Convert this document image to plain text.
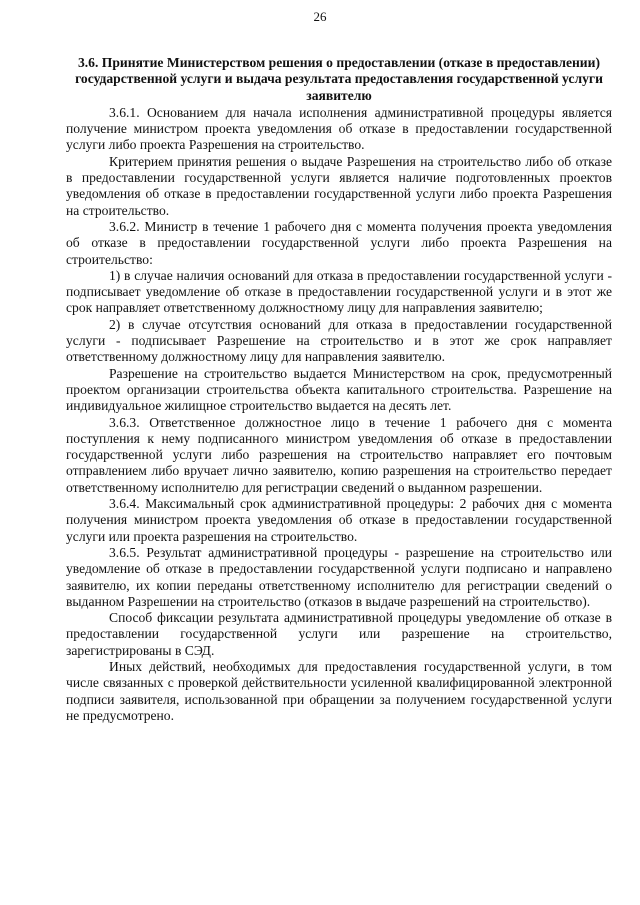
26
3.6. Принятие Министерством решения о предоставлении (отказе в предоставлении) государственной услуги и выдача результата предоставления государственной услуги заявителю

3.6.1. Основанием для начала исполнения административной процедуры является получение министром проекта уведомления об отказе в предоставлении государственной услуги либо проекта Разрешения на строительство.

Критерием принятия решения о выдаче Разрешения на строительство либо об отказе в предоставлении государственной услуги является наличие подготовленных проектов уведомления об отказе в предоставлении государственной услуги либо проекта Разрешения на строительство.

3.6.2. Министр в течение 1 рабочего дня с момента получения проекта уведомления об отказе в предоставлении государственной услуги либо проекта Разрешения на строительство:

1) в случае наличия оснований для отказа в предоставлении государственной услуги - подписывает уведомление об отказе в предоставлении государственной услуги и в этот же срок направляет ответственному должностному лицу для направления заявителю;

2) в случае отсутствия оснований для отказа в предоставлении государственной услуги - подписывает Разрешение на строительство и в этот же срок направляет ответственному должностному лицу для направления заявителю.

Разрешение на строительство выдается Министерством на срок, предусмотренный проектом организации строительства объекта капитального строительства. Разрешение на индивидуальное жилищное строительство выдается на десять лет.

3.6.3. Ответственное должностное лицо в течение 1 рабочего дня с момента поступления к нему подписанного министром уведомления об отказе в предоставлении государственной услуги либо разрешения на строительство направляет его почтовым отправлением либо вручает лично заявителю, копию разрешения на строительство передает ответственному исполнителю для регистрации сведений о выданном разрешении.

3.6.4. Максимальный срок административной процедуры: 2 рабочих дня с момента получения министром проекта уведомления об отказе в предоставлении государственной услуги или проекта разрешения на строительство.

3.6.5. Результат административной процедуры - разрешение на строительство или уведомление об отказе в предоставлении государственной услуги подписано и направлено заявителю, их копии переданы ответственному исполнителю для регистрации сведений о выданном Разрешении на строительство (отказов в выдаче разрешений на строительство).

Способ фиксации результата административной процедуры уведомление об отказе в предоставлении государственной услуги или разрешение на строительство, зарегистрированы в СЭД.

Иных действий, необходимых для предоставления государственной услуги, в том числе связанных с проверкой действительности усиленной квалифицированной электронной подписи заявителя, использованной при обращении за получением государственной услуги не предусмотрено.
